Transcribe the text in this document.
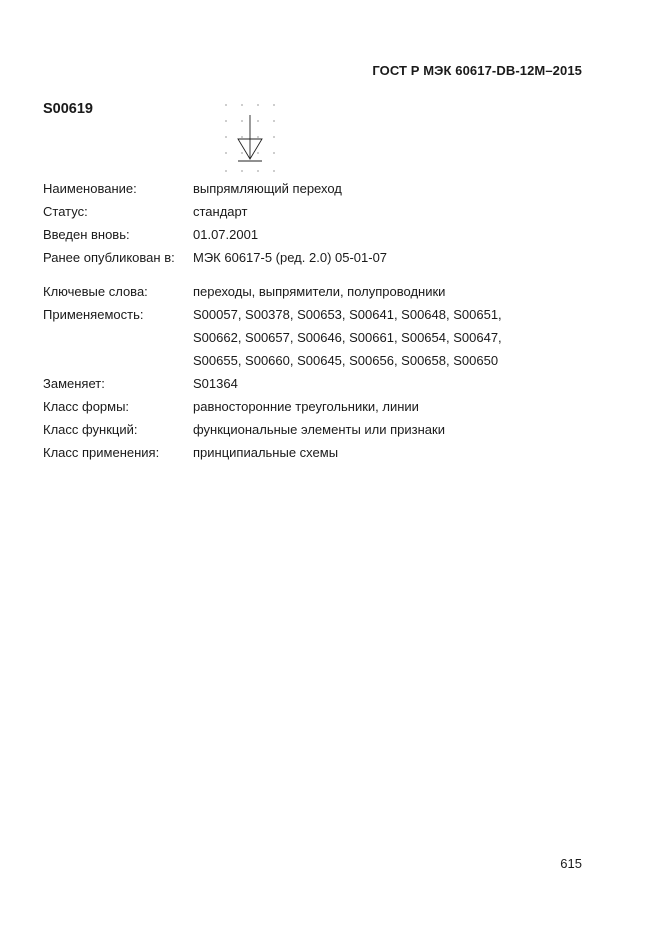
ГОСТ Р МЭК 60617-DB-12M–2015
S00619
Наименование:	выпрямляющий переход
Статус:	стандарт
Введен вновь:	01.07.2001
Ранее опубликован в: МЭК 60617-5 (ред. 2.0) 05-01-07
Ключевые слова:	переходы, выпрямители, полупроводники
Применяемость:	S00057, S00378, S00653, S00641, S00648, S00651,
S00662, S00657, S00646, S00661, S00654, S00647,
S00655, S00660, S00645, S00656, S00658, S00650
Заменяет:	S01364
Класс формы:	равносторонние треугольники, линии
Класс функций:	функциональные элементы или признаки
Класс применения:	принципиальные схемы
615
